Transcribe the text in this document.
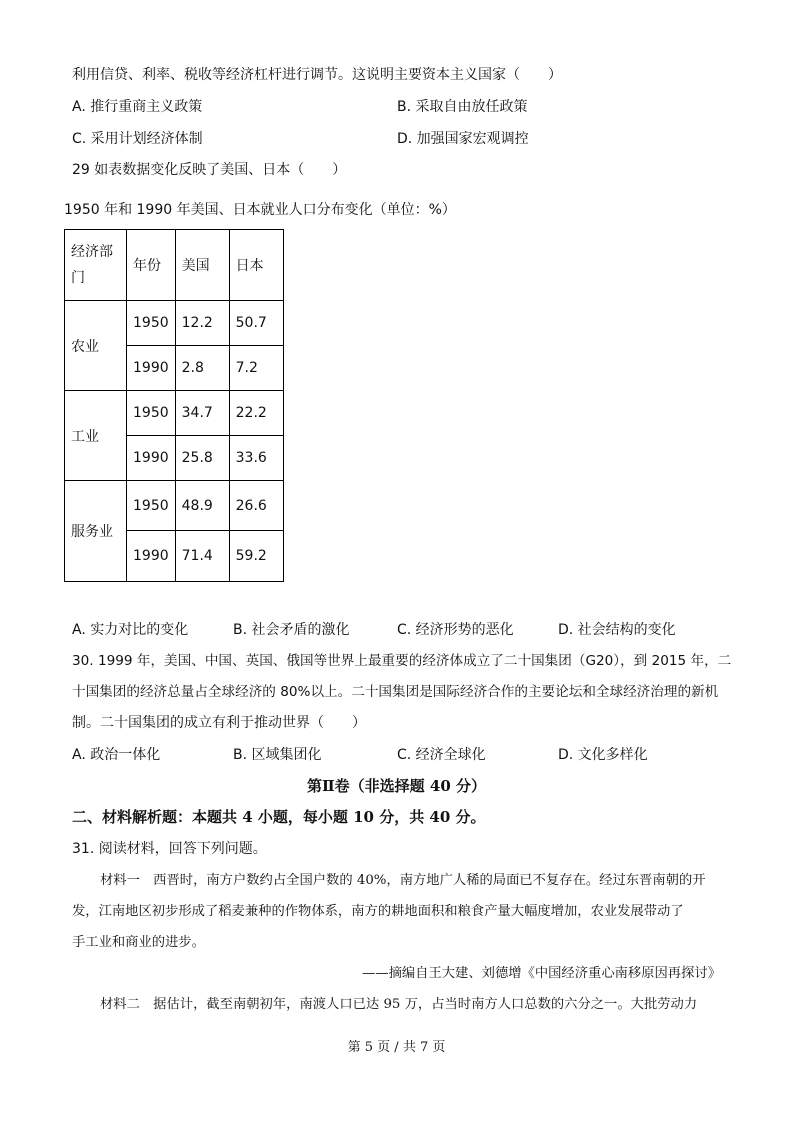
利用信贷、利率、税收等经济杠杆进行调节。这说明主要资本主义国家（　　）
A. 推行重商主义政策	B. 采取自由放任政策
C. 采用计划经济体制	D. 加强国家宏观调控
29 如表数据变化反映了美国、日本（　　）
1950 年和 1990 年美国、日本就业人口分布变化（单位：%）
经济部门	年份	美国	日本
农业	1950	12.2	50.7
	1990	2.8	7.2
工业	1950	34.7	22.2
	1990	25.8	33.6
服务业	1950	48.9	26.6
	1990	71.4	59.2
A. 实力对比的变化	B. 社会矛盾的激化	C. 经济形势的恶化	D. 社会结构的变化
30. 1999 年，美国、中国、英国、俄国等世界上最重要的经济体成立了二十国集团（G20），到 2015 年，二
十国集团的经济总量占全球经济的 80%以上。二十国集团是国际经济合作的主要论坛和全球经济治理的新机
制。二十国集团的成立有利于推动世界（　　）
A. 政治一体化	B. 区域集团化	C. 经济全球化	D. 文化多样化
第Ⅱ卷（非选择题 40 分）
二、材料解析题：本题共 4 小题，每小题 10 分，共 40 分。
31. 阅读材料，回答下列问题。
材料一　西晋时，南方户数约占全国户数的 40%，南方地广人稀的局面已不复存在。经过东晋南朝的开
发，江南地区初步形成了稻麦兼种的作物体系，南方的耕地面积和粮食产量大幅度增加，农业发展带动了
手工业和商业的进步。
——摘编自王大建、刘德增《中国经济重心南移原因再探讨》
材料二　据估计，截至南朝初年，南渡人口已达 95 万，占当时南方人口总数的六分之一。大批劳动力
第 5 页 / 共 7 页
